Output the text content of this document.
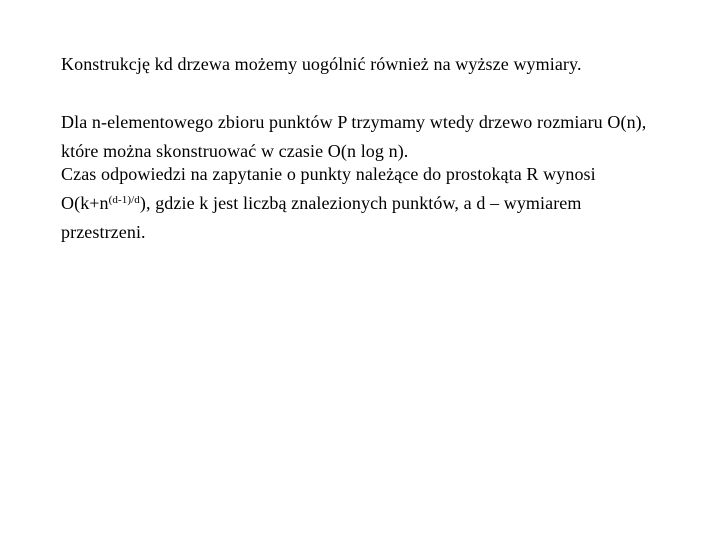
Konstrukcję kd drzewa możemy uogólnić również na wyższe wymiary.
Dla n-elementowego zbioru punktów P trzymamy wtedy drzewo rozmiaru O(n), które można skonstruować w czasie O(n log n).
Czas odpowiedzi na zapytanie o punkty należące do prostokąta R wynosi $O(k+n^{(d-1)/d})$, gdzie k jest liczbą znalezionych punktów, a d – wymiarem przestrzeni.
